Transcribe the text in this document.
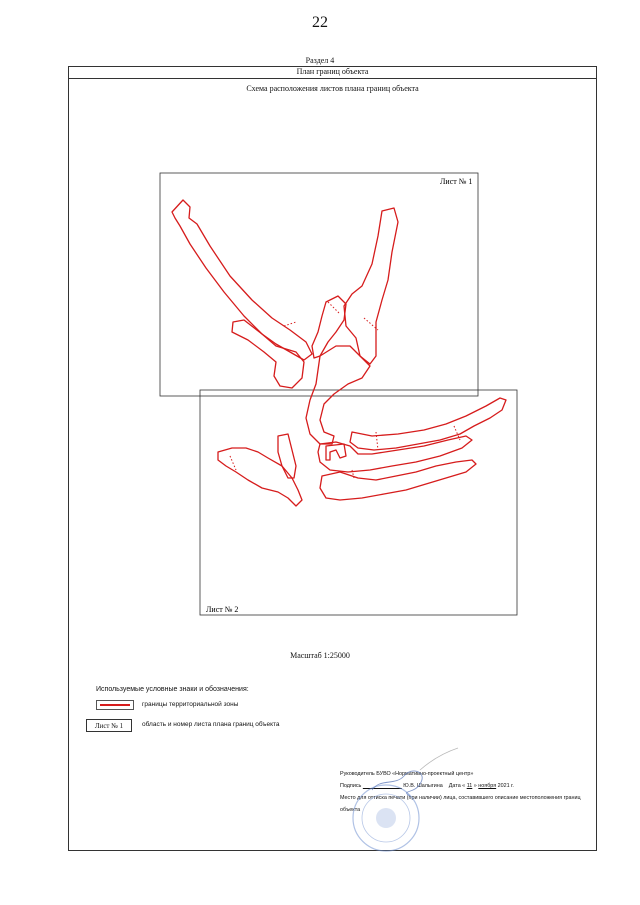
22
Раздел 4
План границ объекта
Схема расположения листов плана границ объекта
Лист № 1
Лист № 2
Масштаб 1:25000
Используемые условные знаки и обозначения:
границы территориальной зоны
Лист № 1	область и номер листа плана границ объекта
Руководитель БУВО «Нормативно-проектный центр»
Подпись	Ю.В. Шалыгина Дата « 11 » ноября 2021 г.
Место для оттиска печати (при наличии) лица, составившего описание местоположения границ объекта
